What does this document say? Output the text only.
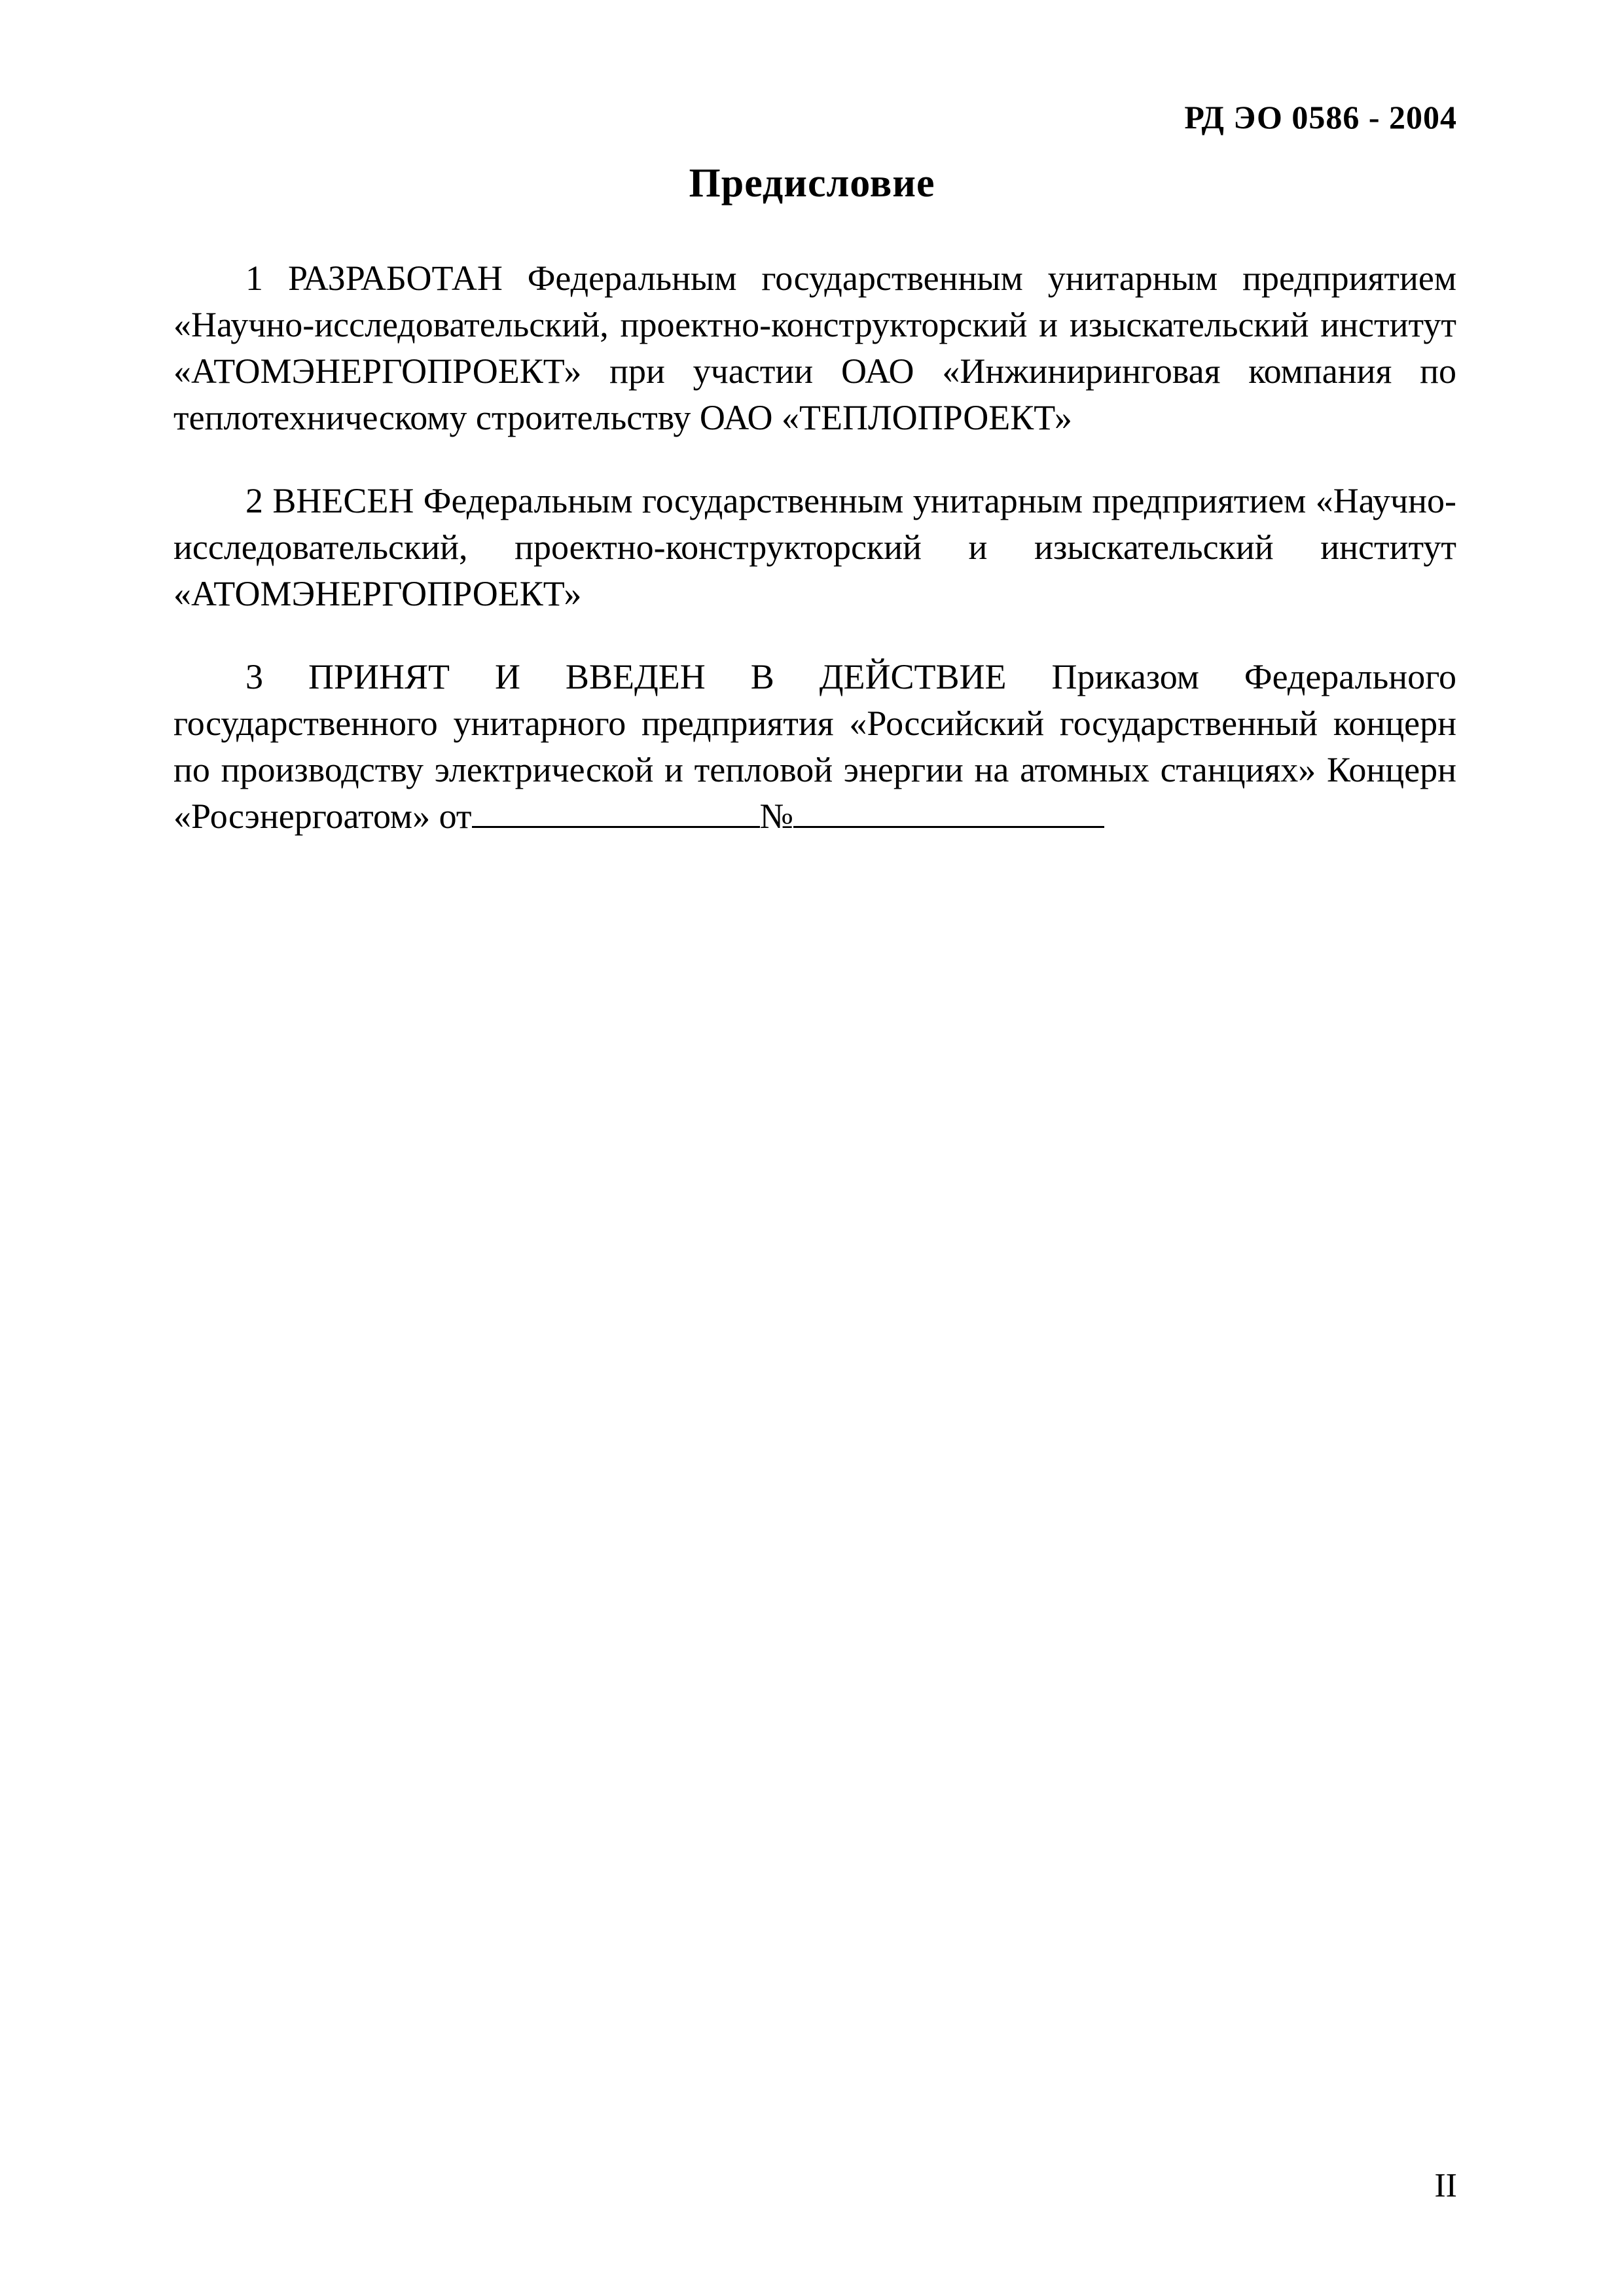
РД ЭО 0586 - 2004
Предисловие

1 РАЗРАБОТАН Федеральным государственным унитарным предприятием «Научно-исследовательский, проектно-конструкторский и изыскательский институт «АТОМЭНЕРГОПРОЕКТ» при участии ОАО «Инжиниринговая компания по теплотехническому строительству ОАО «ТЕПЛОПРОЕКТ»

2 ВНЕСЕН Федеральным государственным унитарным предприятием «Научно-исследовательский, проектно-конструкторский и изыскательский институт «АТОМЭНЕРГОПРОЕКТ»

3 ПРИНЯТ И ВВЕДЕН В ДЕЙСТВИЕ Приказом Федерального государственного унитарного предприятия «Российский государственный концерн по производству электрической и тепловой энергии на атомных станциях» Концерн «Росэнергоатом» от	№

II
